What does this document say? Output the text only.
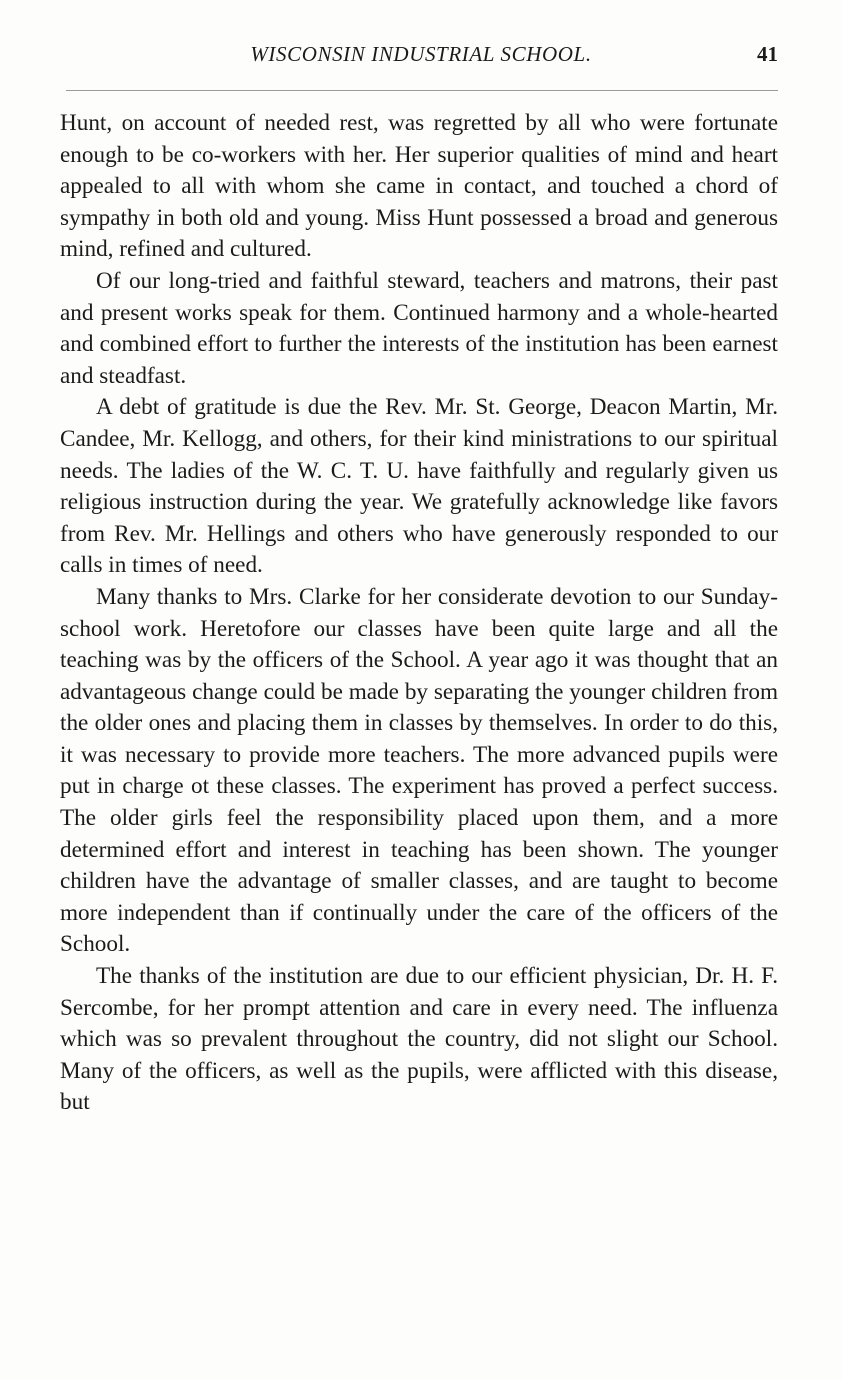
WISCONSIN INDUSTRIAL SCHOOL.	41

Hunt, on account of needed rest, was regretted by all who were fortunate enough to be co-workers with her. Her superior qualities of mind and heart appealed to all with whom she came in contact, and touched a chord of sympathy in both old and young. Miss Hunt possessed a broad and generous mind, refined and cultured.

Of our long-tried and faithful steward, teachers and matrons, their past and present works speak for them. Continued harmony and a whole-hearted and combined effort to further the interests of the institution has been earnest and steadfast.

A debt of gratitude is due the Rev. Mr. St. George, Deacon Martin, Mr. Candee, Mr. Kellogg, and others, for their kind ministrations to our spiritual needs. The ladies of the W. C. T. U. have faithfully and regularly given us religious instruction during the year. We gratefully acknowledge like favors from Rev. Mr. Hellings and others who have generously responded to our calls in times of need.

Many thanks to Mrs. Clarke for her considerate devotion to our Sunday-school work. Heretofore our classes have been quite large and all the teaching was by the officers of the School. A year ago it was thought that an advantageous change could be made by separating the younger children from the older ones and placing them in classes by themselves. In order to do this, it was necessary to provide more teachers. The more advanced pupils were put in charge ot these classes. The experiment has proved a perfect success. The older girls feel the responsibility placed upon them, and a more determined effort and interest in teaching has been shown. The younger children have the advantage of smaller classes, and are taught to become more independent than if continually under the care of the officers of the School.

The thanks of the institution are due to our efficient physician, Dr. H. F. Sercombe, for her prompt attention and care in every need. The influenza which was so prevalent throughout the country, did not slight our School. Many of the officers, as well as the pupils, were afflicted with this disease, but
